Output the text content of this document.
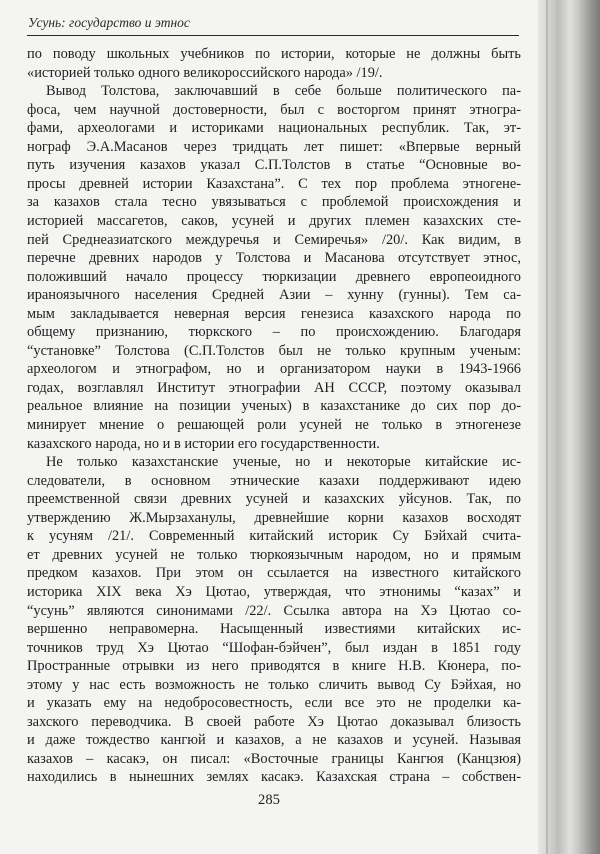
Усунь: государство и этнос
по поводу школьных учебников по истории, которые не должны быть
«историей только одного великороссийского народа» /19/.
Вывод Толстова, заключавший в себе больше политического па-
фоса, чем научной достоверности, был с восторгом принят этногра-
фами, археологами и историками национальных республик. Так, эт-
нограф Э.А.Масанов через тридцать лет пишет: «Впервые верный
путь изучения казахов указал С.П.Толстов в статье “Основные во-
просы древней истории Казахстана”. С тех пор проблема этногене-
за казахов стала тесно увязываться с проблемой происхождения и
историей массагетов, саков, усуней и других племен казахских сте-
пей Среднеазиатского междуречья и Семиречья» /20/. Как видим, в
перечне древних народов у Толстова и Масанова отсутствует этнос,
положивший начало процессу тюркизации древнего европеоидного
ираноязычного населения Средней Азии – хунну (гунны). Тем са-
мым закладывается неверная версия генезиса казахского народа по
общему признанию, тюркского – по происхождению. Благодаря
“установке” Толстова (С.П.Толстов был не только крупным ученым:
археологом и этнографом, но и организатором науки в 1943-1966
годах, возглавлял Институт этнографии АН СССР, поэтому оказывал
реальное влияние на позиции ученых) в казахстанике до сих пор до-
минирует мнение о решающей роли усуней не только в этногенезе
казахского народа, но и в истории его государственности.
Не только казахстанские ученые, но и некоторые китайские ис-
следователи, в основном этнические казахи поддерживают идею
преемственной связи древних усуней и казахских уйсунов. Так, по
утверждению Ж.Мырзаханулы, древнейшие корни казахов восходят
к усуням /21/. Современный китайский историк Су Бэйхай счита-
ет древних усуней не только тюркоязычным народом, но и прямым
предком казахов. При этом он ссылается на известного китайского
историка XIX века Хэ Цютао, утверждая, что этнонимы “казах” и
“усунь” являются синонимами /22/. Ссылка автора на Хэ Цютао со-
вершенно неправомерна. Насыщенный известиями китайских ис-
точников труд Хэ Цютао “Шофан-бэйчен”, был издан в 1851 году
Пространные отрывки из него приводятся в книге Н.В. Кюнера, по-
285
этому у нас есть возможность не только сличить вывод Су Бэйхая, но
и указать ему на недобросовестность, если все это не проделки ка-
захского переводчика. В своей работе Хэ Цютао доказывал близость
и даже тождество кангюй и казахов, а не казахов и усуней. Называя
казахов – касакэ, он писал: «Восточные границы Кангюя (Канцзюя)
находились в нынешних землях касакэ. Казахская страна – собствен-
